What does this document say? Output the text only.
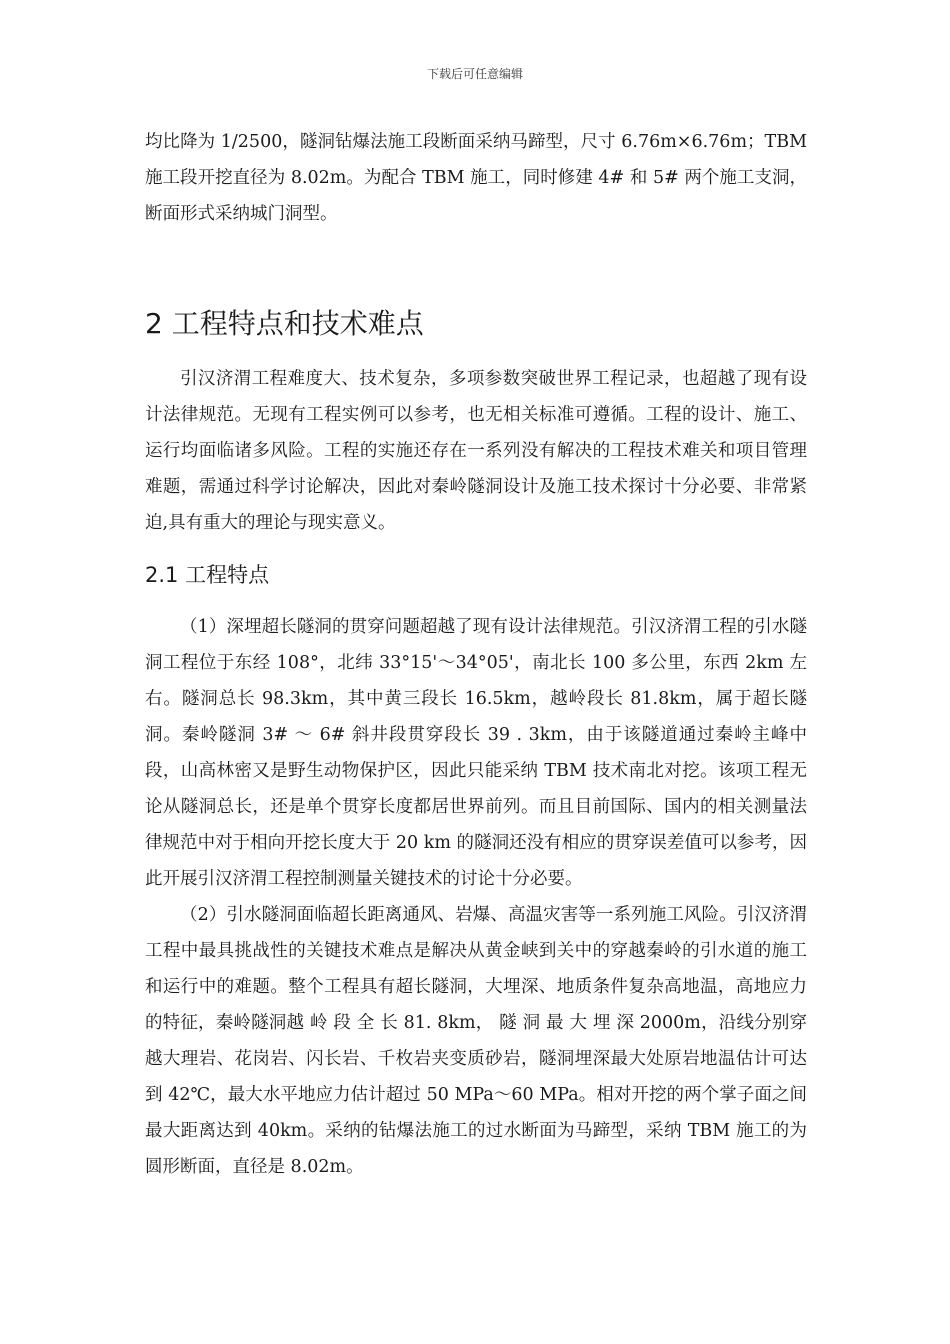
下载后可任意编辑

均比降为 1/2500，隧洞钻爆法施工段断面采纳马蹄型，尺寸 6.76m×6.76m；TBM 施工段开挖直径为 8.02m。为配合 TBM 施工，同时修建 4# 和 5# 两个施工支洞，断面形式采纳城门洞型。

2 工程特点和技术难点

引汉济渭工程难度大、技术复杂，多项参数突破世界工程记录，也超越了现有设计法律规范。无现有工程实例可以参考，也无相关标准可遵循。工程的设计、施工、运行均面临诸多风险。工程的实施还存在一系列没有解决的工程技术难关和项目管理难题，需通过科学讨论解决，因此对秦岭隧洞设计及施工技术探讨十分必要、非常紧迫,具有重大的理论与现实意义。

2.1 工程特点

（1）深埋超长隧洞的贯穿问题超越了现有设计法律规范。引汉济渭工程的引水隧洞工程位于东经 108°，北纬 33°15'～34°05'，南北长 100 多公里，东西 2km 左右。隧洞总长 98.3km，其中黄三段长 16.5km，越岭段长 81.8km，属于超长隧洞。秦岭隧洞 3# ～ 6# 斜井段贯穿段长 39 . 3km，由于该隧道通过秦岭主峰中段，山高林密又是野生动物保护区，因此只能采纳 TBM 技术南北对挖。该项工程无论从隧洞总长，还是单个贯穿长度都居世界前列。而且目前国际、国内的相关测量法律规范中对于相向开挖长度大于 20 km 的隧洞还没有相应的贯穿误差值可以参考，因此开展引汉济渭工程控制测量关键技术的讨论十分必要。

（2）引水隧洞面临超长距离通风、岩爆、高温灾害等一系列施工风险。引汉济渭工程中最具挑战性的关键技术难点是解决从黄金峡到关中的穿越秦岭的引水道的施工和运行中的难题。整个工程具有超长隧洞，大埋深、地质条件复杂高地温，高地应力的特征，秦岭隧洞越 岭 段 全 长 81. 8km， 隧 洞 最 大 埋 深 2000m，沿线分别穿越大理岩、花岗岩、闪长岩、千枚岩夹变质砂岩，隧洞埋深最大处原岩地温估计可达到 42℃，最大水平地应力估计超过 50 MPa～60 MPa。相对开挖的两个掌子面之间最大距离达到 40km。采纳的钻爆法施工的过水断面为马蹄型，采纳 TBM 施工的为圆形断面，直径是 8.02m。
